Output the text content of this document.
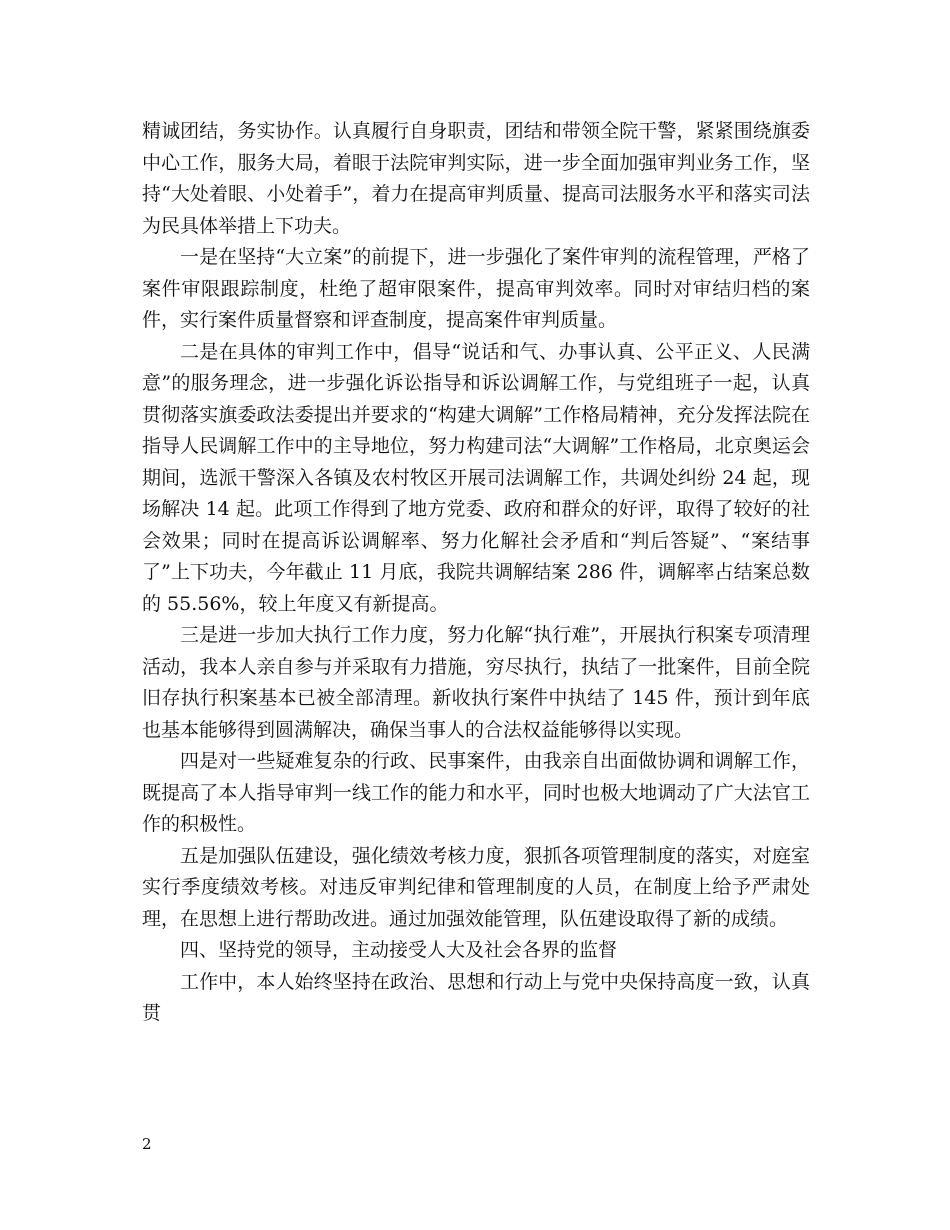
精诚团结，务实协作。认真履行自身职责，团结和带领全院干警，紧紧围绕旗委中心工作，服务大局，着眼于法院审判实际，进一步全面加强审判业务工作，坚持“大处着眼、小处着手”，着力在提高审判质量、提高司法服务水平和落实司法为民具体举措上下功夫。

一是在坚持“大立案”的前提下，进一步强化了案件审判的流程管理，严格了案件审限跟踪制度，杜绝了超审限案件，提高审判效率。同时对审结归档的案件，实行案件质量督察和评查制度，提高案件审判质量。

二是在具体的审判工作中，倡导“说话和气、办事认真、公平正义、人民满意”的服务理念，进一步强化诉讼指导和诉讼调解工作，与党组班子一起，认真贯彻落实旗委政法委提出并要求的“构建大调解”工作格局精神，充分发挥法院在指导人民调解工作中的主导地位，努力构建司法“大调解”工作格局，北京奥运会期间，选派干警深入各镇及农村牧区开展司法调解工作，共调处纠纷 24 起，现场解决 14 起。此项工作得到了地方党委、政府和群众的好评，取得了较好的社会效果；同时在提高诉讼调解率、努力化解社会矛盾和“判后答疑”、“案结事了”上下功夫，今年截止 11 月底，我院共调解结案 286 件，调解率占结案总数的 55.56%，较上年度又有新提高。

三是进一步加大执行工作力度，努力化解“执行难”，开展执行积案专项清理活动，我本人亲自参与并采取有力措施，穷尽执行，执结了一批案件，目前全院旧存执行积案基本已被全部清理。新收执行案件中执结了 145 件，预计到年底也基本能够得到圆满解决，确保当事人的合法权益能够得以实现。

四是对一些疑难复杂的行政、民事案件，由我亲自出面做协调和调解工作，既提高了本人指导审判一线工作的能力和水平，同时也极大地调动了广大法官工作的积极性。

五是加强队伍建设，强化绩效考核力度，狠抓各项管理制度的落实，对庭室实行季度绩效考核。对违反审判纪律和管理制度的人员，在制度上给予严肃处理，在思想上进行帮助改进。通过加强效能管理，队伍建设取得了新的成绩。

四、坚持党的领导，主动接受人大及社会各界的监督

工作中，本人始终坚持在政治、思想和行动上与党中央保持高度一致，认真贯

2
